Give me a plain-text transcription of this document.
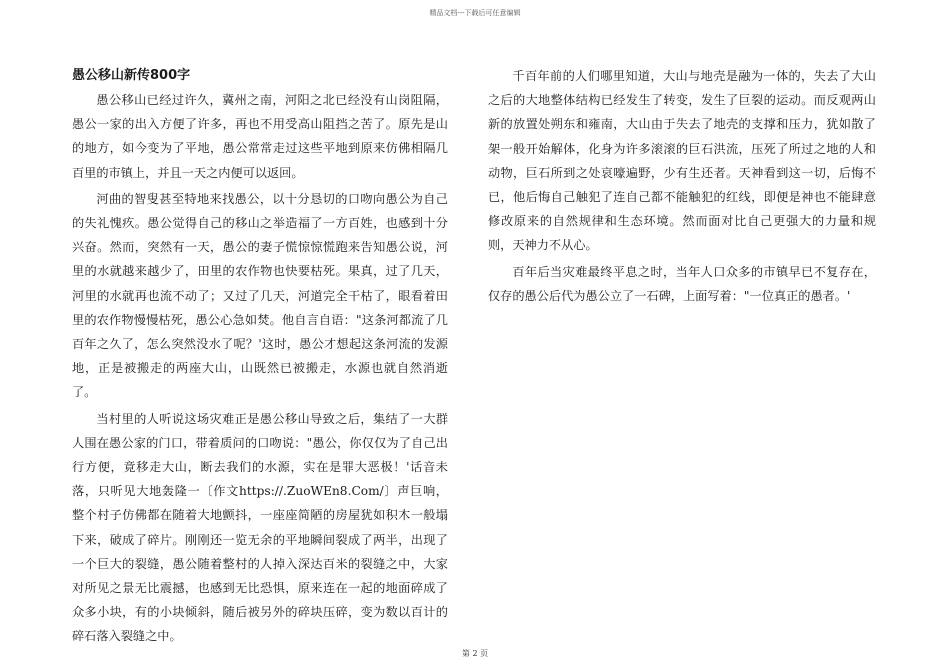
精品文档---下载后可任意编辑
愚公移山新传800字

愚公移山已经过许久，冀州之南，河阳之北已经没有山岗阻隔，愚公一家的出入方便了许多，再也不用受高山阻挡之苦了。原先是山的地方，如今变为了平地，愚公常常走过这些平地到原来仿佛相隔几百里的市镇上，并且一天之内便可以返回。

河曲的智叟甚至特地来找愚公，以十分恳切的口吻向愚公为自己的失礼愧疚。愚公觉得自己的移山之举造福了一方百姓，也感到十分兴奋。然而，突然有一天，愚公的妻子慌惊惊慌跑来告知愚公说，河里的水就越来越少了，田里的农作物也快要枯死。果真，过了几天，河里的水就再也流不动了；又过了几天，河道完全干枯了，眼看着田里的农作物慢慢枯死，愚公心急如焚。他自言自语："这条河都流了几百年之久了，怎么突然没水了呢？'这时，愚公才想起这条河流的发源地，正是被搬走的两座大山，山既然已被搬走，水源也就自然消逝了。

当村里的人听说这场灾难正是愚公移山导致之后，集结了一大群人围在愚公家的门口，带着质问的口吻说："愚公，你仅仅为了自己出行方便，竟移走大山，断去我们的水源，实在是罪大恶极！'话音未落，只听见大地轰隆一〔作文https://.ZuoWEn8.Com/〕声巨响，整个村子仿佛都在随着大地颤抖，一座座简陋的房屋犹如积木一般塌下来，破成了碎片。刚刚还一览无余的平地瞬间裂成了两半，出现了一个巨大的裂缝，愚公随着整村的人掉入深达百米的裂缝之中，大家对所见之景无比震撼，也感到无比恐惧，原来连在一起的地面碎成了众多小块，有的小块倾斜，随后被另外的碎块压碎，变为数以百计的碎石落入裂缝之中。

千百年前的人们哪里知道，大山与地壳是融为一体的，失去了大山之后的大地整体结构已经发生了转变，发生了巨裂的运动。而反观两山新的放置处朔东和雍南，大山由于失去了地壳的支撑和压力，犹如散了架一般开始解体，化身为许多滚滚的巨石洪流，压死了所过之地的人和动物，巨石所到之处哀嚎遍野，少有生还者。天神看到这一切，后悔不已，他后悔自己触犯了连自己都不能触犯的红线，即便是神也不能肆意修改原来的自然规律和生态环境。然而面对比自己更强大的力量和规则，天神力不从心。

百年后当灾难最终平息之时，当年人口众多的市镇早已不复存在，仅存的愚公后代为愚公立了一石碑，上面写着："一位真正的愚者。'

第 2 页
